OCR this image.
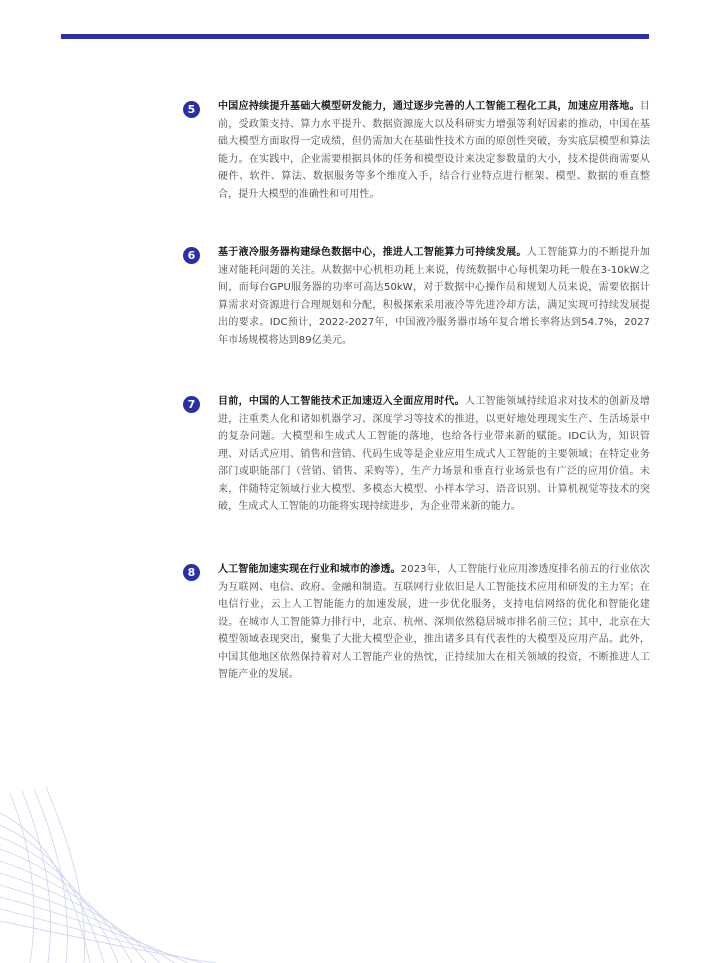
5	中国应持续提升基础大模型研发能力，通过逐步完善的人工智能工程化工具，加速应用落地。目前，受政策支持、算力水平提升、数据资源庞大以及科研实力增强等利好因素的推动，中国在基础大模型方面取得一定成绩，但仍需加大在基础性技术方面的原创性突破，夯实底层模型和算法能力。在实践中，企业需要根据具体的任务和模型设计来决定参数量的大小，技术提供商需要从硬件、软件、算法、数据服务等多个维度入手，结合行业特点进行框架、模型、数据的垂直整合，提升大模型的准确性和可用性。
6	基于液冷服务器构建绿色数据中心，推进人工智能算力可持续发展。人工智能算力的不断提升加速对能耗问题的关注。从数据中心机柜功耗上来说，传统数据中心每机架功耗一般在3-10kW之间，而每台GPU服务器的功率可高达50kW，对于数据中心操作员和规划人员来说，需要依据计算需求对资源进行合理规划和分配，积极探索采用液冷等先进冷却方法，满足实现可持续发展提出的要求。IDC预计，2022-2027年，中国液冷服务器市场年复合增长率将达到54.7%，2027年市场规模将达到89亿美元。
7	目前，中国的人工智能技术正加速迈入全面应用时代。人工智能领域持续追求对技术的创新及增进，注重类人化和诸如机器学习、深度学习等技术的推进，以更好地处理现实生产、生活场景中的复杂问题。大模型和生成式人工智能的落地，也给各行业带来新的赋能。IDC认为，知识管理、对话式应用、销售和营销、代码生成等是企业应用生成式人工智能的主要领域；在特定业务部门或职能部门（营销、销售、采购等），生产力场景和垂直行业场景也有广泛的应用价值。未来，伴随特定领域行业大模型、多模态大模型、小样本学习、语音识别、计算机视觉等技术的突破，生成式人工智能的功能将实现持续进步，为企业带来新的能力。
8	人工智能加速实现在行业和城市的渗透。2023年，人工智能行业应用渗透度排名前五的行业依次为互联网、电信、政府、金融和制造。互联网行业依旧是人工智能技术应用和研发的主力军；在电信行业，云上人工智能能力的加速发展，进一步优化服务，支持电信网络的优化和智能化建设。在城市人工智能算力排行中，北京、杭州、深圳依然稳居城市排名前三位；其中，北京在大模型领域表现突出，聚集了大批大模型企业，推出诸多具有代表性的大模型及应用产品。此外，中国其他地区依然保持着对人工智能产业的热忱，正持续加大在相关领域的投资，不断推进人工智能产业的发展。
